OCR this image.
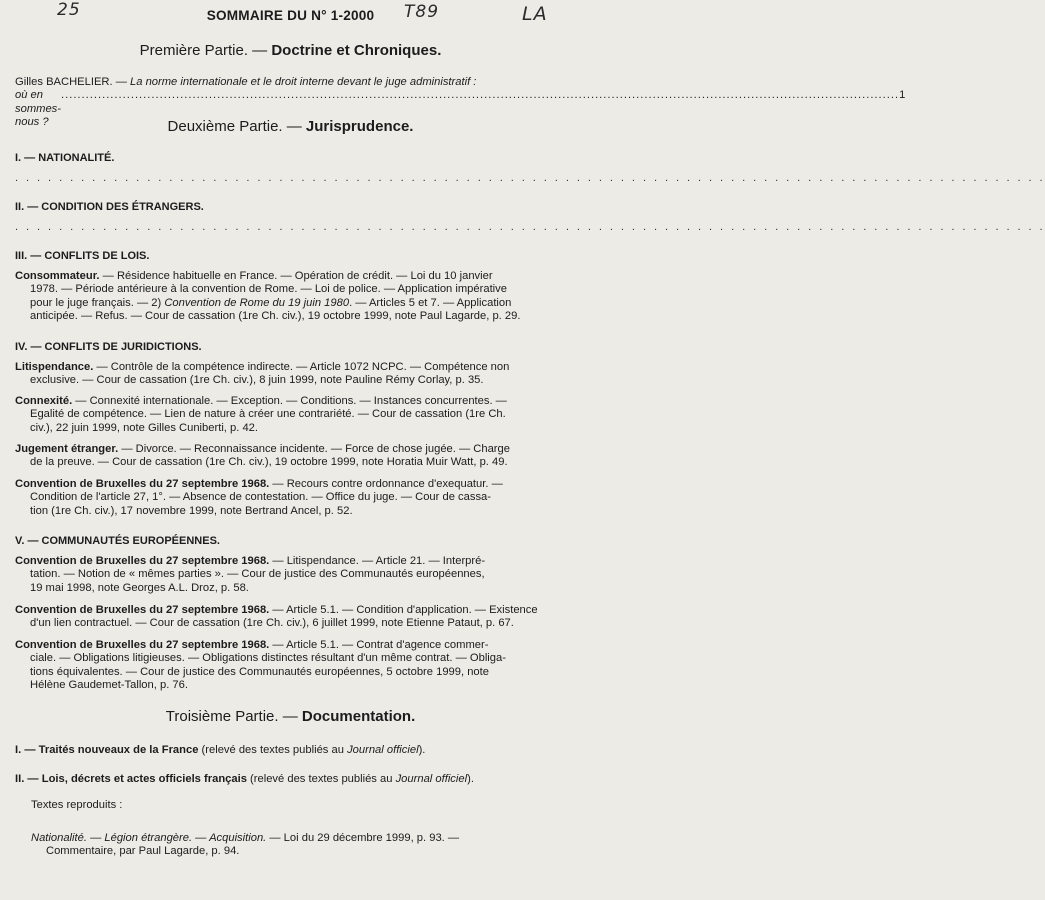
25	T89	LA
SOMMAIRE DU N° 1-2000
Première Partie. — Doctrine et Chroniques.
Gilles BACHELIER. — La norme internationale et le droit interne devant le juge administratif :
où en sommes-nous ?
............................................................................................................................................................................................................ 1
Deuxième Partie. — Jurisprudence.
I. — NATIONALITÉ.
. . . . . . . . . . . . . . . . . . . . . . . . . . . . . . . . . . . . . . . . . . . . . . . . . . . . . . . . . . . . . . . . . . . . . . . . . . . . . . . . . . . . . . . . . . . . . .
II. — CONDITION DES ÉTRANGERS.
. . . . . . . . . . . . . . . . . . . . . . . . . . . . . . . . . . . . . . . . . . . . . . . . . . . . . . . . . . . . . . . . . . . . . . . . . . . . . . . . . . . . . . . . . . . . . .
III. — CONFLITS DE LOIS.
Consommateur. — Résidence habituelle en France. — Opération de crédit. — Loi du 10 janvier
1978. — Période antérieure à la convention de Rome. — Loi de police. — Application impérative
pour le juge français. — 2) Convention de Rome du 19 juin 1980. — Articles 5 et 7. — Application
anticipée. — Refus. — Cour de cassation (1re Ch. civ.), 19 octobre 1999, note Paul Lagarde, p. 29.
IV. — CONFLITS DE JURIDICTIONS.
Litispendance. — Contrôle de la compétence indirecte. — Article 1072 NCPC. — Compétence non
exclusive. — Cour de cassation (1re Ch. civ.), 8 juin 1999, note Pauline Rémy Corlay, p. 35.
Connexité. — Connexité internationale. — Exception. — Conditions. — Instances concurrentes. —
Egalité de compétence. — Lien de nature à créer une contrariété. — Cour de cassation (1re Ch.
civ.), 22 juin 1999, note Gilles Cuniberti, p. 42.
Jugement étranger. — Divorce. — Reconnaissance incidente. — Force de chose jugée. — Charge
de la preuve. — Cour de cassation (1re Ch. civ.), 19 octobre 1999, note Horatia Muir Watt, p. 49.
Convention de Bruxelles du 27 septembre 1968. — Recours contre ordonnance d'exequatur. —
Condition de l'article 27, 1°. — Absence de contestation. — Office du juge. — Cour de cassa-
tion (1re Ch. civ.), 17 novembre 1999, note Bertrand Ancel, p. 52.
V. — COMMUNAUTÉS EUROPÉENNES.
Convention de Bruxelles du 27 septembre 1968. — Litispendance. — Article 21. — Interpré-
tation. — Notion de « mêmes parties ». — Cour de justice des Communautés européennes,
19 mai 1998, note Georges A.L. Droz, p. 58.
Convention de Bruxelles du 27 septembre 1968. — Article 5.1. — Condition d'application. — Existence
d'un lien contractuel. — Cour de cassation (1re Ch. civ.), 6 juillet 1999, note Etienne Pataut, p. 67.
Convention de Bruxelles du 27 septembre 1968. — Article 5.1. — Contrat d'agence commer-
ciale. — Obligations litigieuses. — Obligations distinctes résultant d'un même contrat. — Obliga-
tions équivalentes. — Cour de justice des Communautés européennes, 5 octobre 1999, note
Hélène Gaudemet-Tallon, p. 76.
Troisième Partie. — Documentation.
I. — Traités nouveaux de la France (relevé des textes publiés au Journal officiel).
II. — Lois, décrets et actes officiels français (relevé des textes publiés au Journal officiel).
Textes reproduits :
Nationalité. — Légion étrangère. — Acquisition. — Loi du 29 décembre 1999, p. 93. —
Commentaire, par Paul Lagarde, p. 94.
